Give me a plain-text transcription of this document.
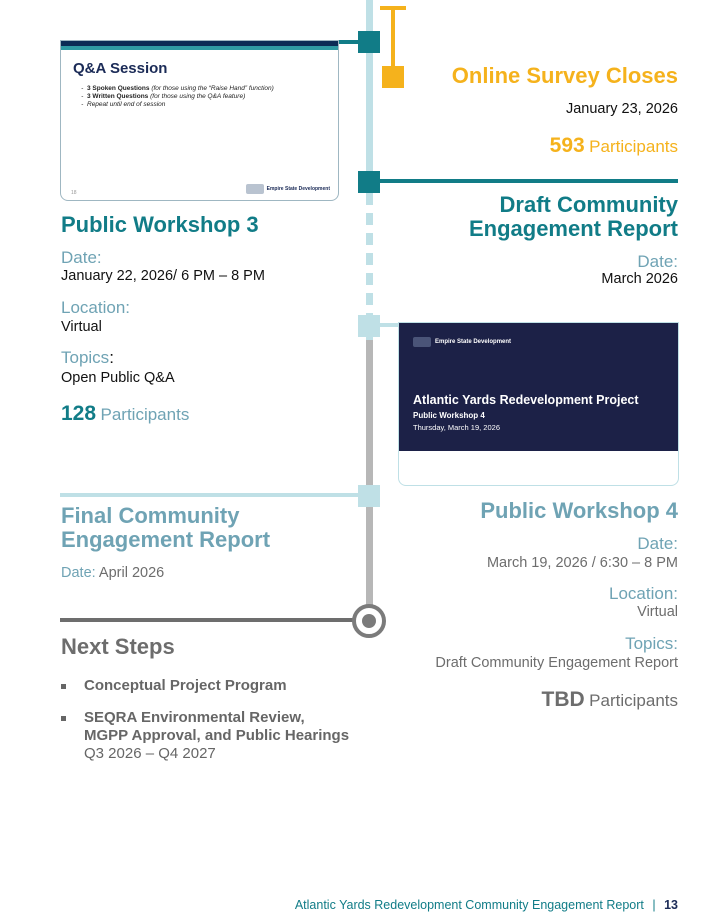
Q&A Session
- 3 Spoken Questions (for those using the “Raise Hand” function)
- 3 Written Questions (for those using the Q&A feature)
- Repeat until end of session
18
Empire State Development
Public Workshop 3
Date:
January 22, 2026/ 6 PM – 8 PM
Location:
Virtual
Topics:
Open Public Q&A
128 Participants
Online Survey Closes
January 23, 2026
593 Participants
Draft Community
Engagement Report
Date:
March 2026
Empire State Development
Atlantic Yards Redevelopment Project
Public Workshop 4
Thursday, March 19, 2026
Final Community
Engagement Report
Date: April 2026
Public Workshop 4
Date:
March 19, 2026 / 6:30 – 8 PM
Location:
Virtual
Topics:
Draft Community Engagement Report
TBD Participants
Next Steps
Conceptual Project Program
SEQRA Environmental Review,
MGPP Approval, and Public Hearings
Q3 2026 – Q4 2027
Atlantic Yards Redevelopment Community Engagement Report | 13
